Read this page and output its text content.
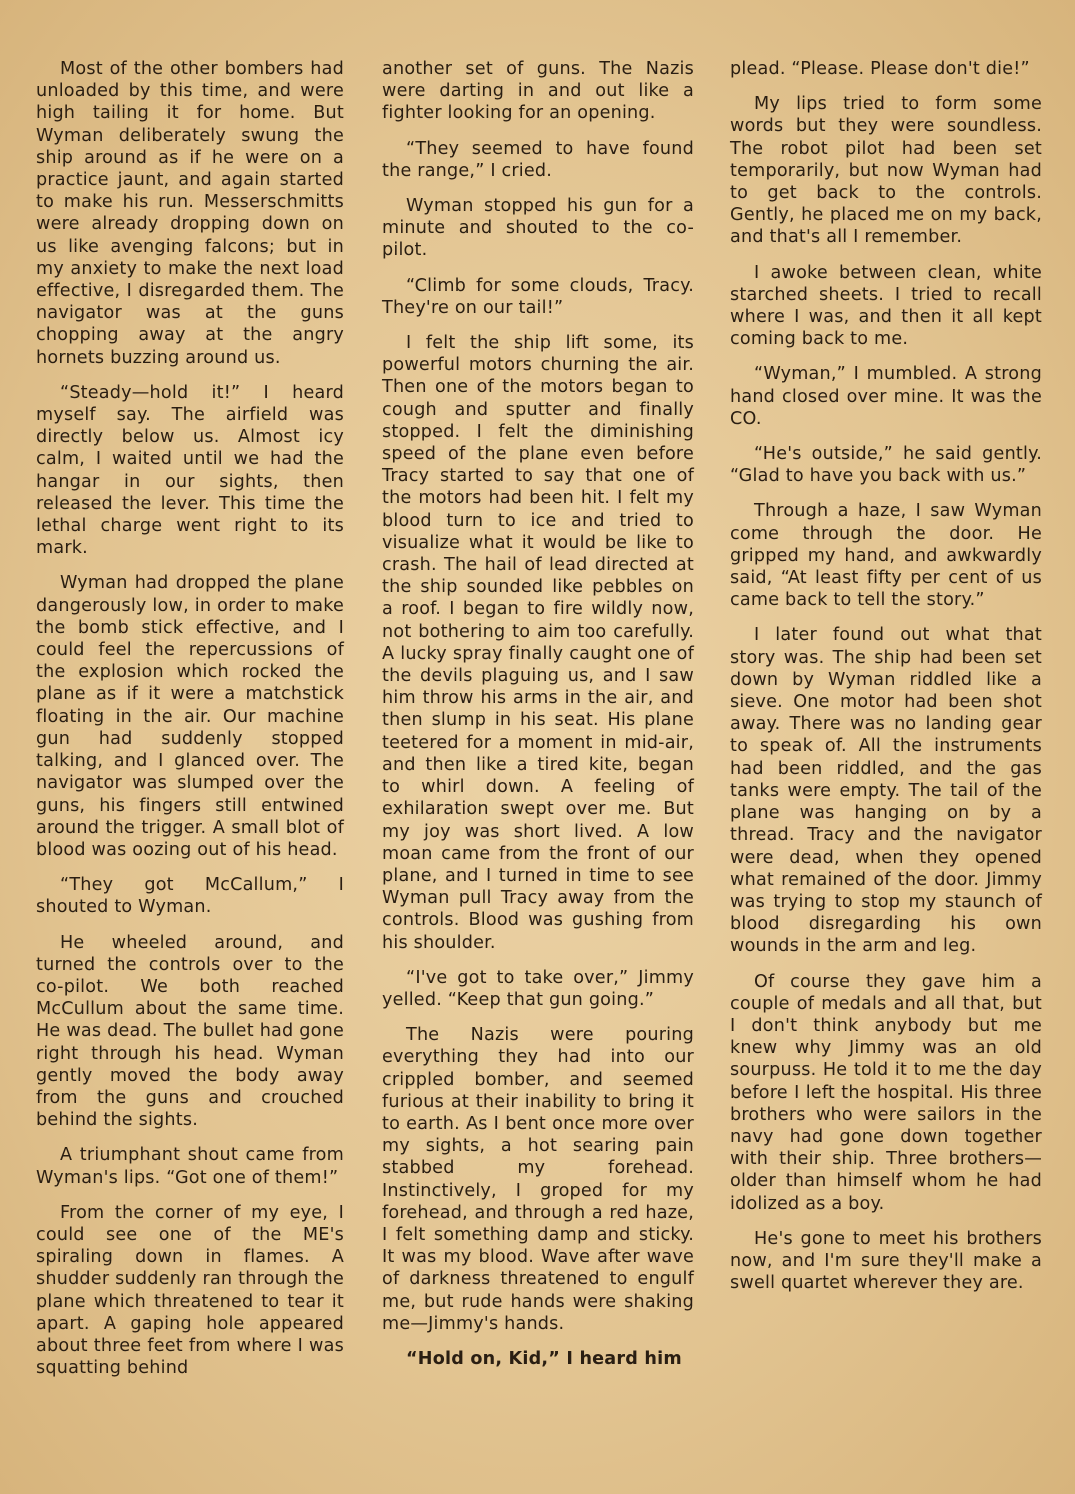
Most of the other bombers had unloaded by this time, and were high tailing it for home. But Wyman deliberately swung the ship around as if he were on a practice jaunt, and again started to make his run. Messerschmitts were already dropping down on us like avenging falcons; but in my anxiety to make the next load effective, I disregarded them. The navigator was at the guns chopping away at the angry hornets buzzing around us.

“Steady—hold it!” I heard myself say. The airfield was directly below us. Almost icy calm, I waited until we had the hangar in our sights, then released the lever. This time the lethal charge went right to its mark.

Wyman had dropped the plane dangerously low, in order to make the bomb stick effective, and I could feel the repercussions of the explosion which rocked the plane as if it were a matchstick floating in the air. Our machine gun had suddenly stopped talking, and I glanced over. The navigator was slumped over the guns, his fingers still entwined around the trigger. A small blot of blood was oozing out of his head.

“They got McCallum,” I shouted to Wyman.

He wheeled around, and turned the controls over to the co-pilot. We both reached McCullum about the same time. He was dead. The bullet had gone right through his head. Wyman gently moved the body away from the guns and crouched behind the sights.

A triumphant shout came from Wyman's lips. “Got one of them!”

From the corner of my eye, I could see one of the ME's spiraling down in flames. A shudder suddenly ran through the plane which threatened to tear it apart. A gaping hole appeared about three feet from where I was squatting behind

another set of guns. The Nazis were darting in and out like a fighter looking for an opening.

“They seemed to have found the range,” I cried.

Wyman stopped his gun for a minute and shouted to the co-pilot.

“Climb for some clouds, Tracy. They're on our tail!”

I felt the ship lift some, its powerful motors churning the air. Then one of the motors began to cough and sputter and finally stopped. I felt the diminishing speed of the plane even before Tracy started to say that one of the motors had been hit. I felt my blood turn to ice and tried to visualize what it would be like to crash. The hail of lead directed at the ship sounded like pebbles on a roof. I began to fire wildly now, not bothering to aim too carefully. A lucky spray finally caught one of the devils plaguing us, and I saw him throw his arms in the air, and then slump in his seat. His plane teetered for a moment in mid-air, and then like a tired kite, began to whirl down. A feeling of exhilaration swept over me. But my joy was short lived. A low moan came from the front of our plane, and I turned in time to see Wyman pull Tracy away from the controls. Blood was gushing from his shoulder.

“I've got to take over,” Jimmy yelled. “Keep that gun going.”

The Nazis were pouring everything they had into our crippled bomber, and seemed furious at their inability to bring it to earth. As I bent once more over my sights, a hot searing pain stabbed my forehead. Instinctively, I groped for my forehead, and through a red haze, I felt something damp and sticky. It was my blood. Wave after wave of darkness threatened to engulf me, but rude hands were shaking me—Jimmy's hands.

“Hold on, Kid,” I heard him

plead. “Please. Please don't die!”

My lips tried to form some words but they were soundless. The robot pilot had been set temporarily, but now Wyman had to get back to the controls. Gently, he placed me on my back, and that's all I remember.

I awoke between clean, white starched sheets. I tried to recall where I was, and then it all kept coming back to me.

“Wyman,” I mumbled. A strong hand closed over mine. It was the CO.

“He's outside,” he said gently. “Glad to have you back with us.”

Through a haze, I saw Wyman come through the door. He gripped my hand, and awkwardly said, “At least fifty per cent of us came back to tell the story.”

I later found out what that story was. The ship had been set down by Wyman riddled like a sieve. One motor had been shot away. There was no landing gear to speak of. All the instruments had been riddled, and the gas tanks were empty. The tail of the plane was hanging on by a thread. Tracy and the navigator were dead, when they opened what remained of the door. Jimmy was trying to stop my staunch of blood disregarding his own wounds in the arm and leg.

Of course they gave him a couple of medals and all that, but I don't think anybody but me knew why Jimmy was an old sourpuss. He told it to me the day before I left the hospital. His three brothers who were sailors in the navy had gone down together with their ship. Three brothers—older than himself whom he had idolized as a boy.

He's gone to meet his brothers now, and I'm sure they'll make a swell quartet wherever they are.
